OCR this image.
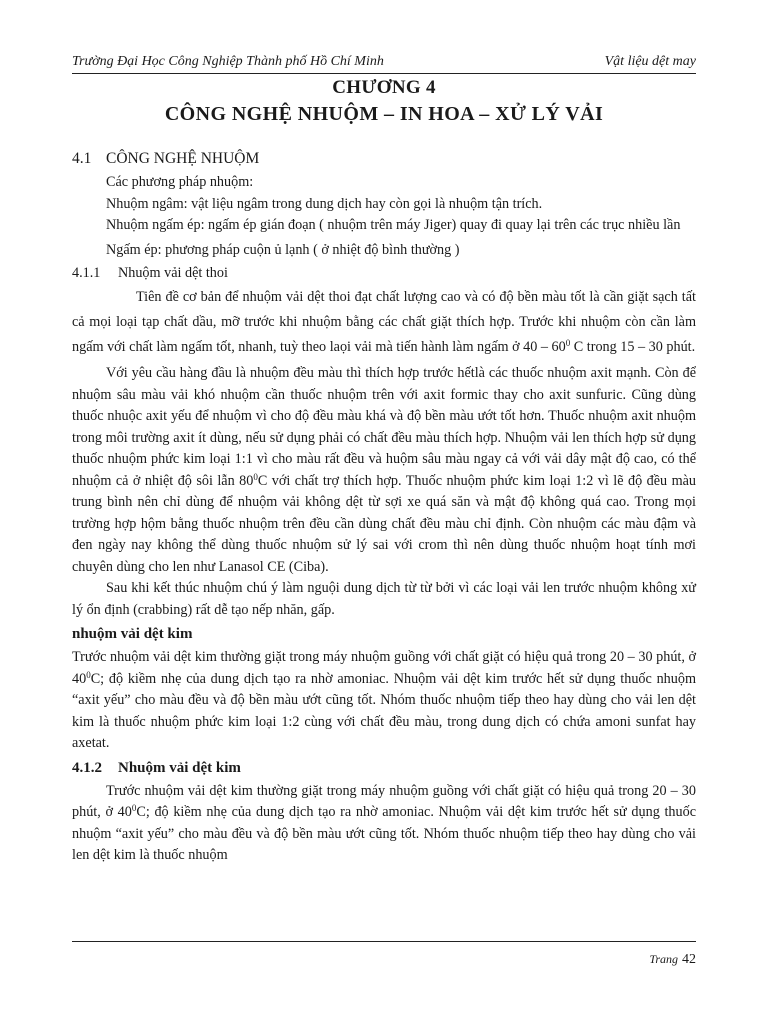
Trường Đại Học Công Nghiệp Thành phố Hồ Chí Minh	Vật liệu dệt may
CHƯƠNG 4
CÔNG NGHỆ NHUỘM – IN HOA – XỬ LÝ VẢI

4.1 CÔNG NGHỆ NHUỘM

Các phương pháp nhuộm:

Nhuộm ngâm: vật liệu ngâm trong dung dịch hay còn gọi là nhuộm tận trích.

Nhuộm ngấm ép: ngấm ép gián đoạn ( nhuộm trên máy Jiger) quay đi quay lại trên các trục nhiều lần

Ngấm ép: phương pháp cuộn ủ lạnh ( ở nhiệt độ bình thường )

4.1.1 Nhuộm vải dệt thoi

Tiên đề cơ bản để nhuộm vải dệt thoi đạt chất lượng cao và có độ bền màu tốt là cần giặt sạch tất cả mọi loại tạp chất dầu, mỡ trước khi nhuộm bằng các chất giặt thích hợp. Trước khi nhuộm còn cần làm ngấm với chất làm ngấm tốt, nhanh, tuỳ theo laọi vải mà tiến hành làm ngấm ở $40 - 60^0$ C trong 15 – 30 phút.

Với yêu cầu hàng đầu là nhuộm đều màu thì thích hợp trước hếtlà các thuốc nhuộm axit mạnh. Còn để nhuộm sâu màu vải khó nhuộm cần thuốc nhuộm trên với axit formic thay cho axit sunfuric. Cũng dùng thuốc nhuộc axit yếu để nhuộm vì cho độ đều màu khá và độ bền màu ướt tốt hơn. Thuốc nhuộm axit nhuộm trong môi trường axit ít dùng, nếu sử dụng phải có chất đều màu thích hợp. Nhuộm vải len thích hợp sử dụng thuốc nhuộm phức kim loại 1:1 vì cho màu rất đều và huộm sâu màu ngay cả với vải dây mật độ cao, có thể nhuộm cả ở nhiệt độ sôi lẫn $80^0C$ với chất trợ thích hợp. Thuốc nhuộm phức kim loại 1:2 vì lẽ độ đều màu trung bình nên chỉ dùng để nhuộm vải không dệt từ sợi xe quá săn và mật độ không quá cao. Trong mọi trường hợp hộm bằng thuốc nhuộm trên đều cần dùng chất đều màu chỉ định. Còn nhuộm các màu đậm và đen ngày nay không thể dùng thuốc nhuộm sử lý sai với crom thì nên dùng thuốc nhuộm hoạt tính mơi chuyên dùng cho len như Lanasol CE (Ciba).

Sau khi kết thúc nhuộm chú ý làm nguội dung dịch từ từ bởi vì các loại vải len trước nhuộm không xử lý ổn định (crabbing) rất dễ tạo nếp nhăn, gấp.

nhuộm vải dệt kim

Trước nhuộm vải dệt kim thường giặt trong máy nhuộm guồng với chất giặt có hiệu quả trong 20 – 30 phút, ở $40^0C$; độ kiềm nhẹ của dung dịch tạo ra nhờ amoniac. Nhuộm vải dệt kim trước hết sử dụng thuốc nhuộm “axit yếu” cho màu đều và độ bền màu ướt cũng tốt. Nhóm thuốc nhuộm tiếp theo hay dùng cho vải len dệt kim là thuốc nhuộm phức kim loại 1:2 cùng với chất đều màu, trong dung dịch có chứa amoni sunfat hay axetat.

4.1.2 Nhuộm vải dệt kim

Trước nhuộm vải dệt kim thường giặt trong máy nhuộm guồng với chất giặt có hiệu quả trong 20 – 30 phút, ở $40^0C$; độ kiềm nhẹ của dung dịch tạo ra nhờ amoniac. Nhuộm vải dệt kim trước hết sử dụng thuốc nhuộm “axit yếu” cho màu đều và độ bền màu ướt cũng tốt. Nhóm thuốc nhuộm tiếp theo hay dùng cho vải len dệt kim là thuốc nhuộm

Trang 42
